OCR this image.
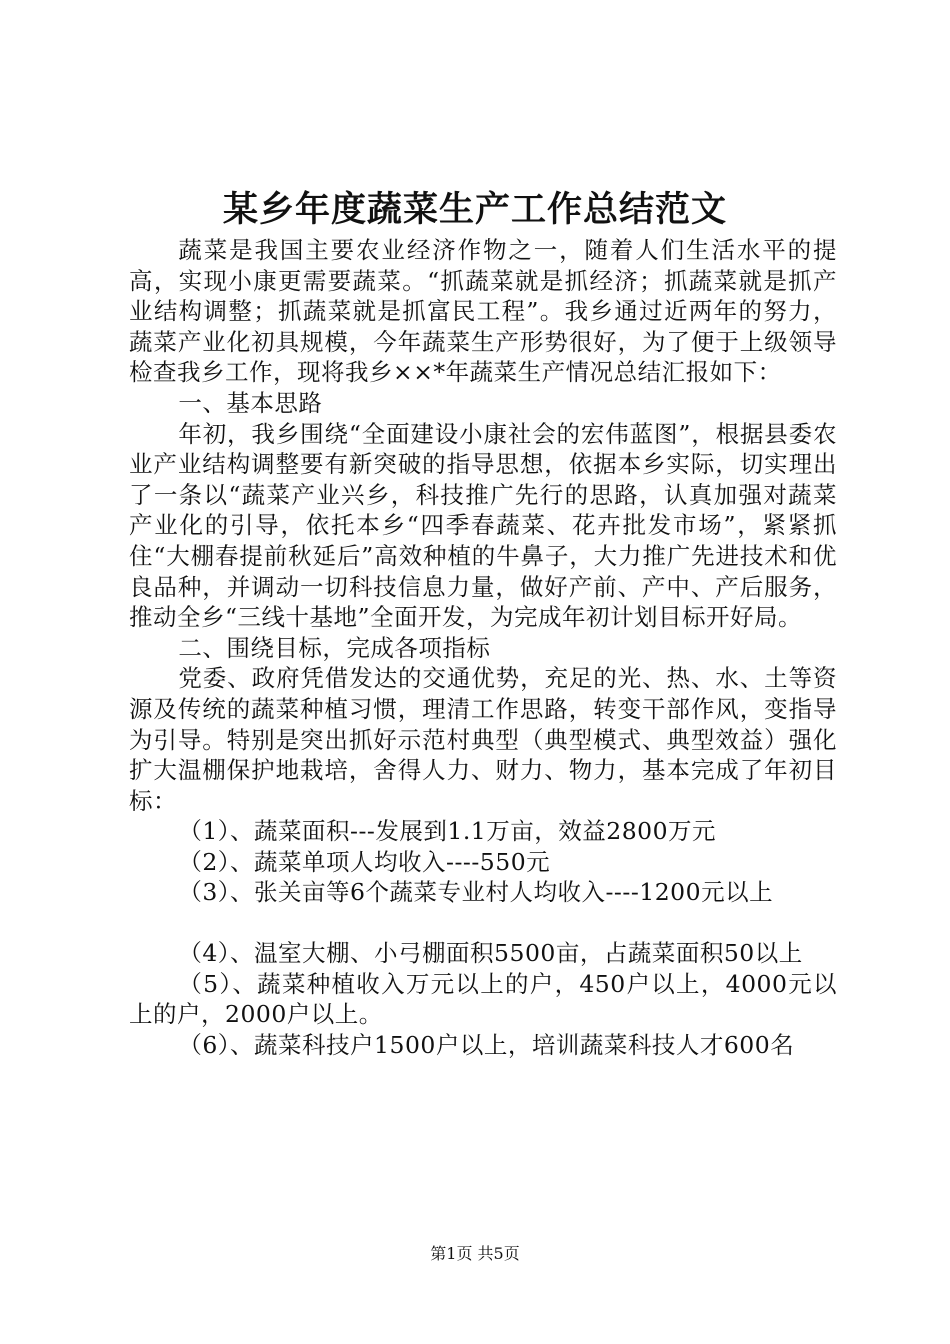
某乡年度蔬菜生产工作总结范文

蔬菜是我国主要农业经济作物之一，随着人们生活水平的提高，实现小康更需要蔬菜。“抓蔬菜就是抓经济；抓蔬菜就是抓产业结构调整；抓蔬菜就是抓富民工程”。我乡通过近两年的努力，蔬菜产业化初具规模，今年蔬菜生产形势很好，为了便于上级领导检查我乡工作，现将我乡××*年蔬菜生产情况总结汇报如下：

一、基本思路

年初，我乡围绕“全面建设小康社会的宏伟蓝图”，根据县委农业产业结构调整要有新突破的指导思想，依据本乡实际，切实理出了一条以“蔬菜产业兴乡，科技推广先行的思路，认真加强对蔬菜产业化的引导，依托本乡“四季春蔬菜、花卉批发市场”，紧紧抓住“大棚春提前秋延后”高效种植的牛鼻子，大力推广先进技术和优良品种，并调动一切科技信息力量，做好产前、产中、产后服务，推动全乡“三线十基地”全面开发，为完成年初计划目标开好局。

二、围绕目标，完成各项指标

党委、政府凭借发达的交通优势，充足的光、热、水、土等资源及传统的蔬菜种植习惯，理清工作思路，转变干部作风，变指导为引导。特别是突出抓好示范村典型（典型模式、典型效益）强化扩大温棚保护地栽培，舍得人力、财力、物力，基本完成了年初目标：

（1）、蔬菜面积---发展到1.1万亩，效益2800万元

（2）、蔬菜单项人均收入----550元

（3）、张关亩等6个蔬菜专业村人均收入----1200元以上

（4）、温室大棚、小弓棚面积5500亩，占蔬菜面积50以上

（5）、蔬菜种植收入万元以上的户，450户以上，4000元以上的户，2000户以上。

（6）、蔬菜科技户1500户以上，培训蔬菜科技人才600名

第1页 共5页
